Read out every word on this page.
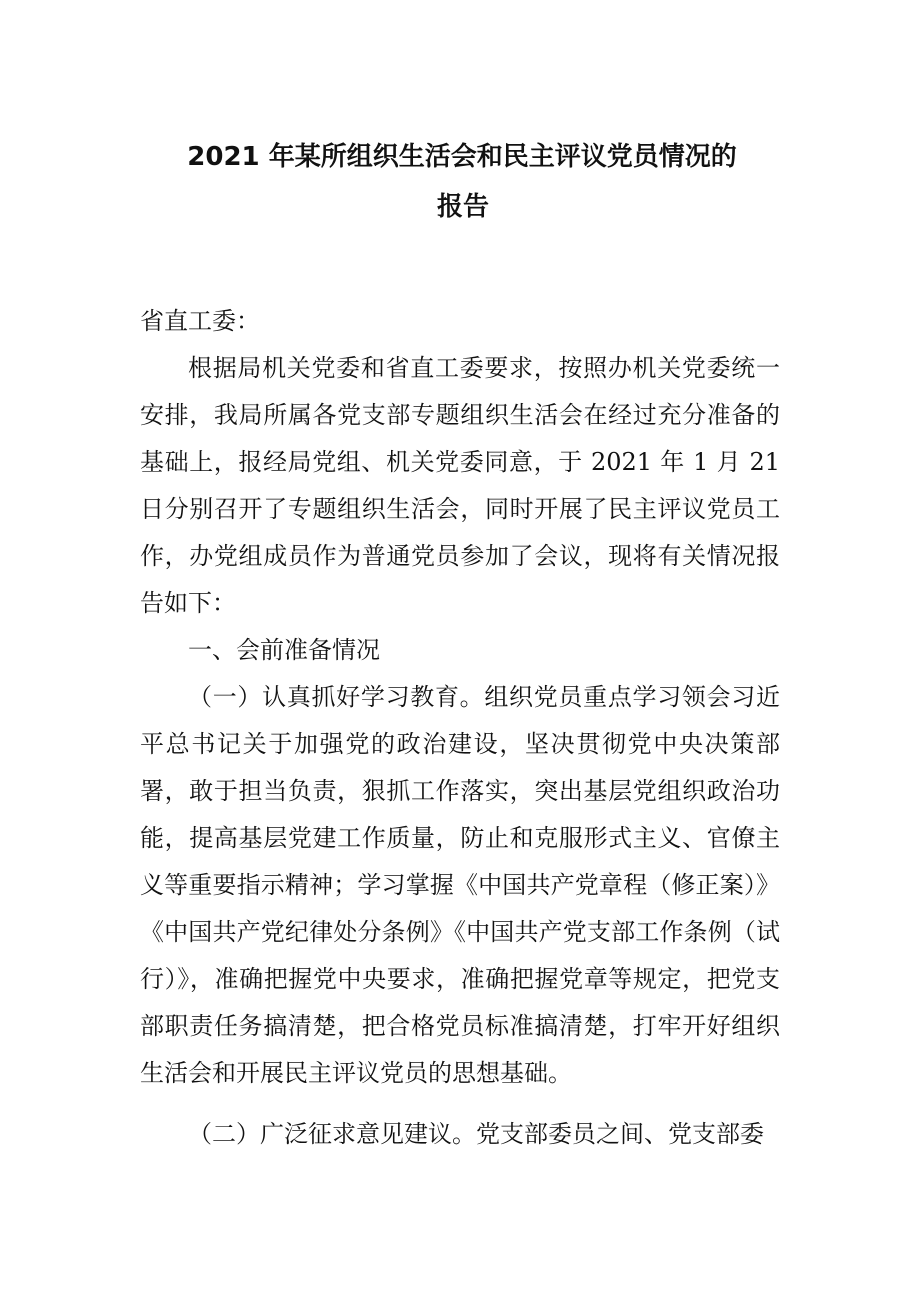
2021 年某所组织生活会和民主评议党员情况的
报告

省直工委：

根据局机关党委和省直工委要求，按照办机关党委统一安排，我局所属各党支部专题组织生活会在经过充分准备的基础上，报经局党组、机关党委同意，于 2021 年 1 月 21 日分别召开了专题组织生活会，同时开展了民主评议党员工作，办党组成员作为普通党员参加了会议，现将有关情况报告如下：

一、会前准备情况

（一）认真抓好学习教育。组织党员重点学习领会习近平总书记关于加强党的政治建设，坚决贯彻党中央决策部署，敢于担当负责，狠抓工作落实，突出基层党组织政治功能，提高基层党建工作质量，防止和克服形式主义、官僚主义等重要指示精神；学习掌握《中国共产党章程（修正案）》《中国共产党纪律处分条例》《中国共产党支部工作条例（试行）》，准确把握党中央要求，准确把握党章等规定，把党支部职责任务搞清楚，把合格党员标准搞清楚，打牢开好组织生活会和开展民主评议党员的思想基础。

（二）广泛征求意见建议。党支部委员之间、党支部委
